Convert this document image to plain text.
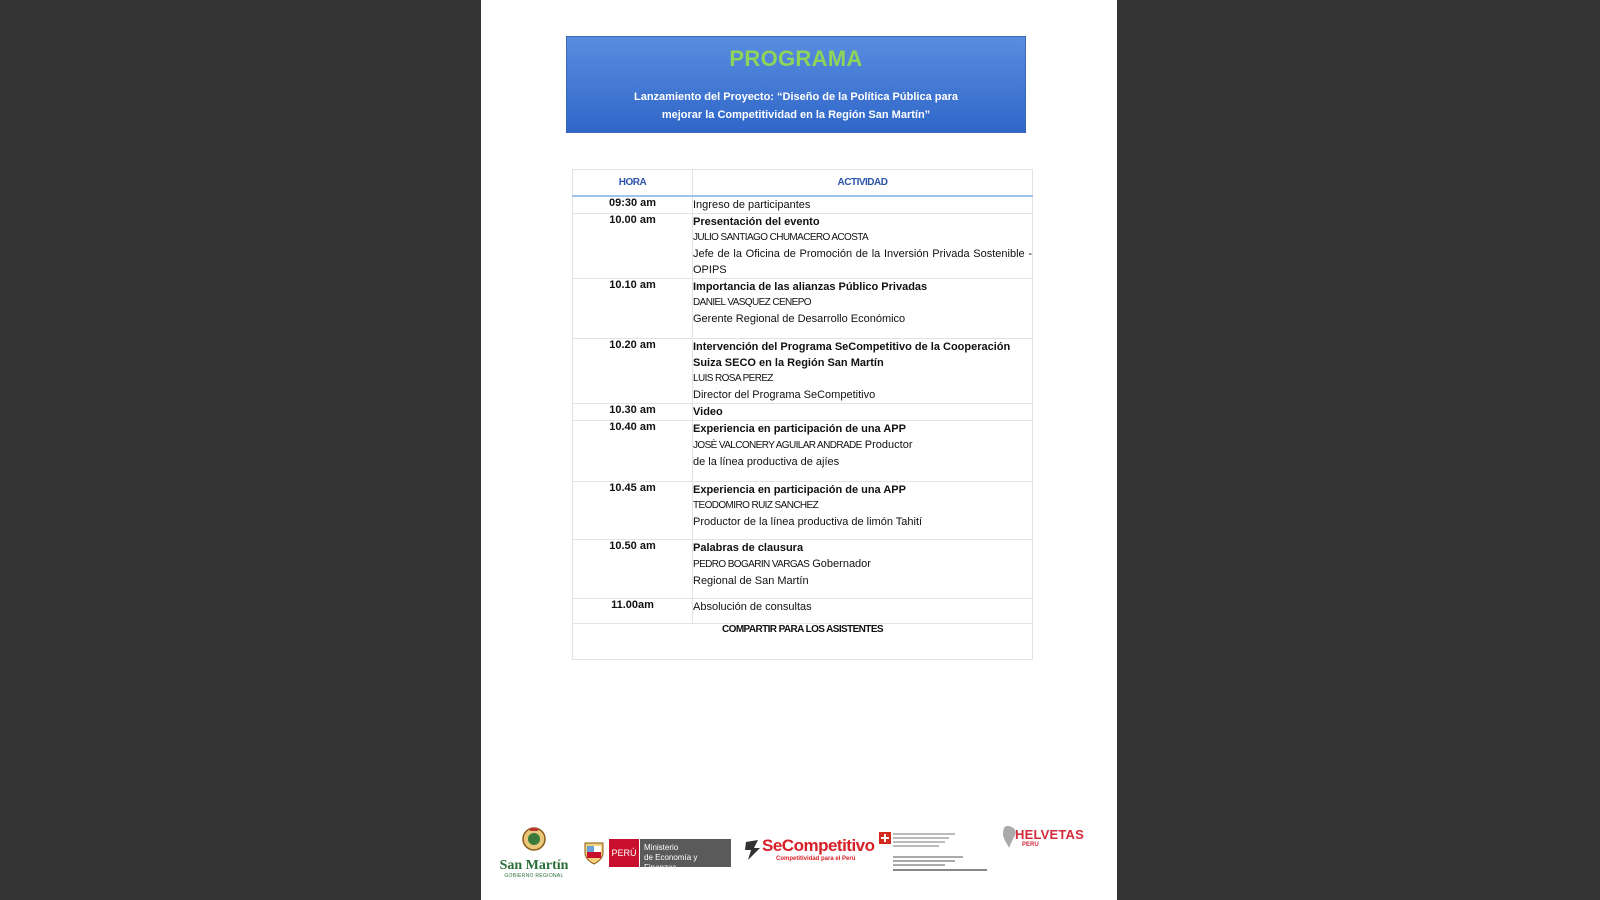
PROGRAMA
Lanzamiento del Proyecto: “Diseño de la Política Pública para
mejorar la Competitividad en la Región San Martín”
HORA	ACTIVIDAD
09:30 am	Ingreso de participantes
10.00 am	Presentación del evento
JULIO SANTIAGO CHUMACERO ACOSTA
Jefe de la Oficina de Promoción de la Inversión Privada Sostenible - OPIPS

10.10 am	Importancia de las alianzas Público Privadas
DANIEL VASQUEZ CENEPO
Gerente Regional de Desarrollo Económico

10.20 am	Intervención del Programa SeCompetitivo de la Cooperación Suiza SECO en la Región San Martín
LUIS ROSA PEREZ
Director del Programa SeCompetitivo

10.30 am	Video

10.40 am	Experiencia en participación de una APP
JOSÈ VALCONERY AGUILAR ANDRADE Productor
de la línea productiva de ajíes

10.45 am	Experiencia en participación de una APP
TEODOMIRO RUIZ SANCHEZ
Productor de la línea productiva de limón Tahití

10.50 am	Palabras de clausura
PEDRO BOGARIN VARGAS Gobernador
Regional de San Martín

11.00am	Absolución de consultas
COMPARTIR PARA LOS ASISTENTES	
San Martín
GOBIERNO REGIONAL
PERÚ
Ministerio
de Economía y Finanzas
SeCompetitivo
Competitividad para el Perú
HELVETAS
PERU
